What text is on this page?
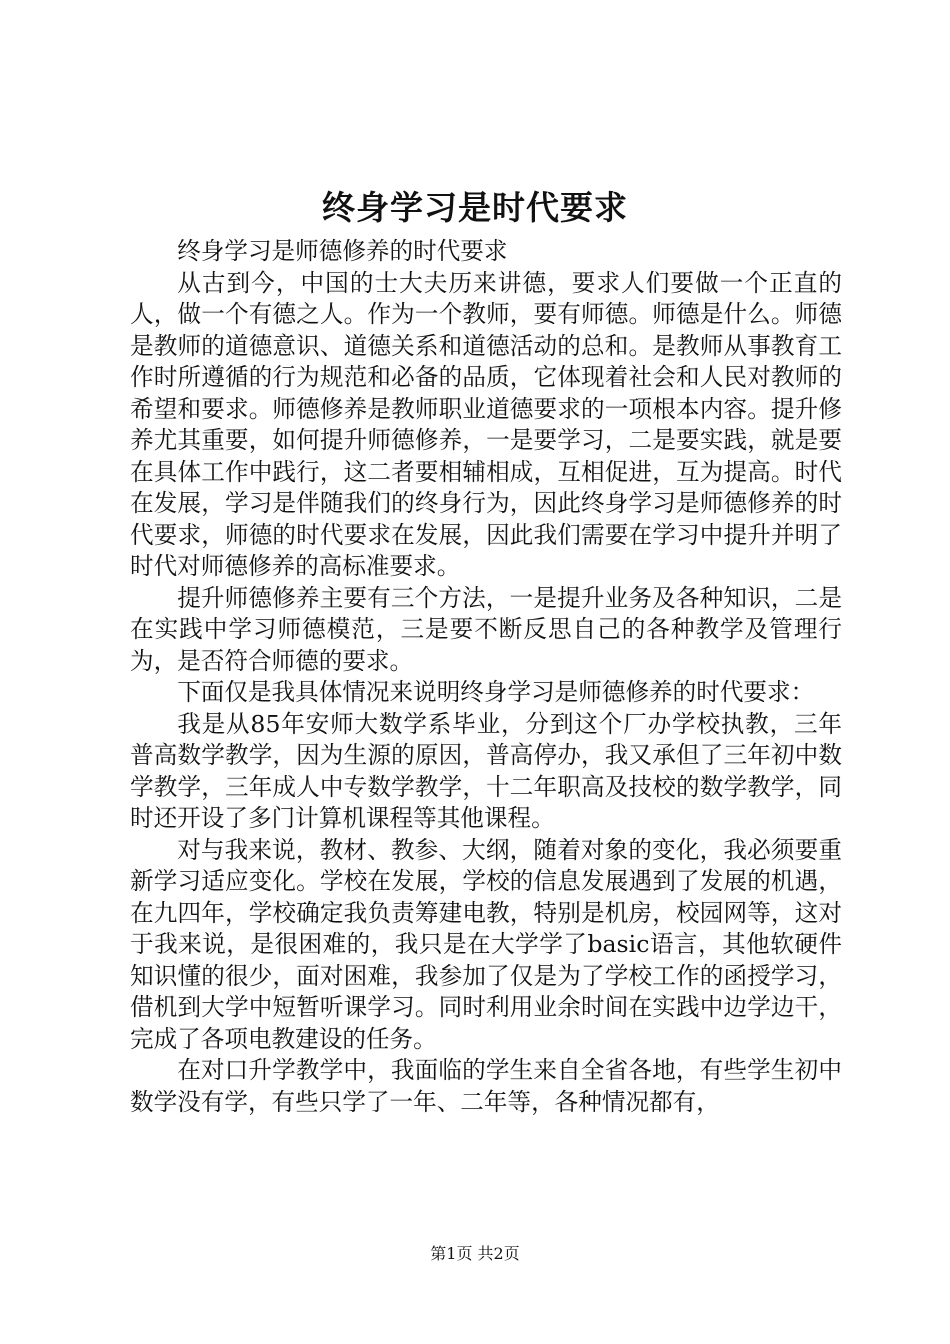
终身学习是时代要求

终身学习是师德修养的时代要求

从古到今，中国的士大夫历来讲德，要求人们要做一个正直的人，做一个有德之人。作为一个教师，要有师德。师德是什么。师德是教师的道德意识、道德关系和道德活动的总和。是教师从事教育工作时所遵循的行为规范和必备的品质，它体现着社会和人民对教师的希望和要求。师德修养是教师职业道德要求的一项根本内容。提升修养尤其重要，如何提升师德修养，一是要学习，二是要实践，就是要在具体工作中践行，这二者要相辅相成，互相促进，互为提高。时代在发展，学习是伴随我们的终身行为，因此终身学习是师德修养的时代要求，师德的时代要求在发展，因此我们需要在学习中提升并明了时代对师德修养的高标准要求。

提升师德修养主要有三个方法，一是提升业务及各种知识，二是在实践中学习师德模范，三是要不断反思自己的各种教学及管理行为，是否符合师德的要求。

下面仅是我具体情况来说明终身学习是师德修养的时代要求：

我是从85年安师大数学系毕业，分到这个厂办学校执教，三年普高数学教学，因为生源的原因，普高停办，我又承但了三年初中数学教学，三年成人中专数学教学，十二年职高及技校的数学教学，同时还开设了多门计算机课程等其他课程。

对与我来说，教材、教参、大纲，随着对象的变化，我必须要重新学习适应变化。学校在发展，学校的信息发展遇到了发展的机遇，在九四年，学校确定我负责筹建电教，特别是机房，校园网等，这对于我来说，是很困难的，我只是在大学学了basic语言，其他软硬件知识懂的很少，面对困难，我参加了仅是为了学校工作的函授学习，借机到大学中短暂听课学习。同时利用业余时间在实践中边学边干，完成了各项电教建设的任务。

在对口升学教学中，我面临的学生来自全省各地，有些学生初中数学没有学，有些只学了一年、二年等，各种情况都有，

第1页 共2页
